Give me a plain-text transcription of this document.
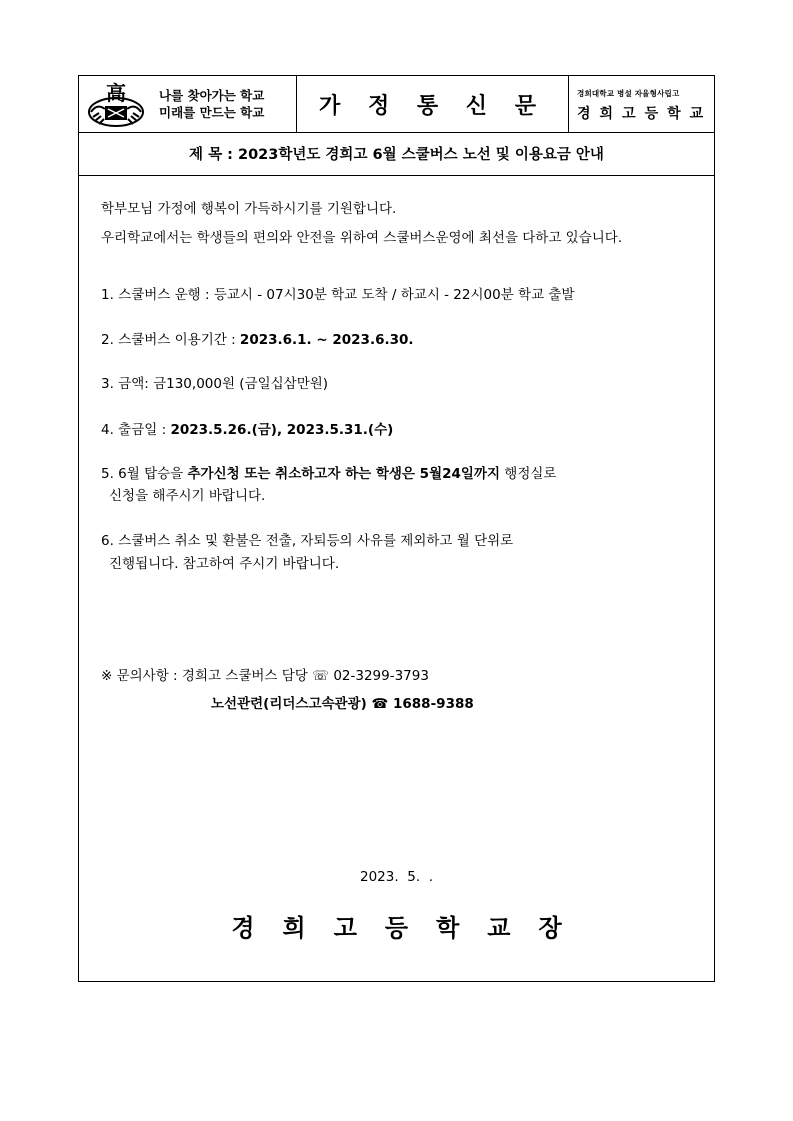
高	나를 찾아가는 학교
미래를 만드는 학교 가 정 통 신 문	경희대학교 병설 자율형사립고
경희고등학교
제 목 : 2023학년도 경희고 6월 스쿨버스 노선 및 이용요금 안내
학부모님 가정에 행복이 가득하시기를 기원합니다.
우리학교에서는 학생들의 편의와 안전을 위하여 스쿨버스운영에 최선을 다하고 있습니다.
1. 스쿨버스 운행 : 등교시 - 07시30분 학교 도착 / 하교시 - 22시00분 학교 출발
2. 스쿨버스 이용기간 : 2023.6.1. ~ 2023.6.30.
3. 금액: 금130,000원 (금일십삼만원)
4. 출금일 : 2023.5.26.(금), 2023.5.31.(수)
5. 6월 탑승을 추가신청 또는 취소하고자 하는 학생은 5월24일까지 행정실로
신청을 해주시기 바랍니다.
6. 스쿨버스 취소 및 환불은 전출, 자퇴등의 사유를 제외하고 월 단위로
진행됩니다. 참고하여 주시기 바랍니다.
※ 문의사항 : 경희고 스쿨버스 담당 ☏ 02-3299-3793
노선관련(리더스고속관광) ☎ 1688-9388
2023.  5.  .
경희고등학교장
